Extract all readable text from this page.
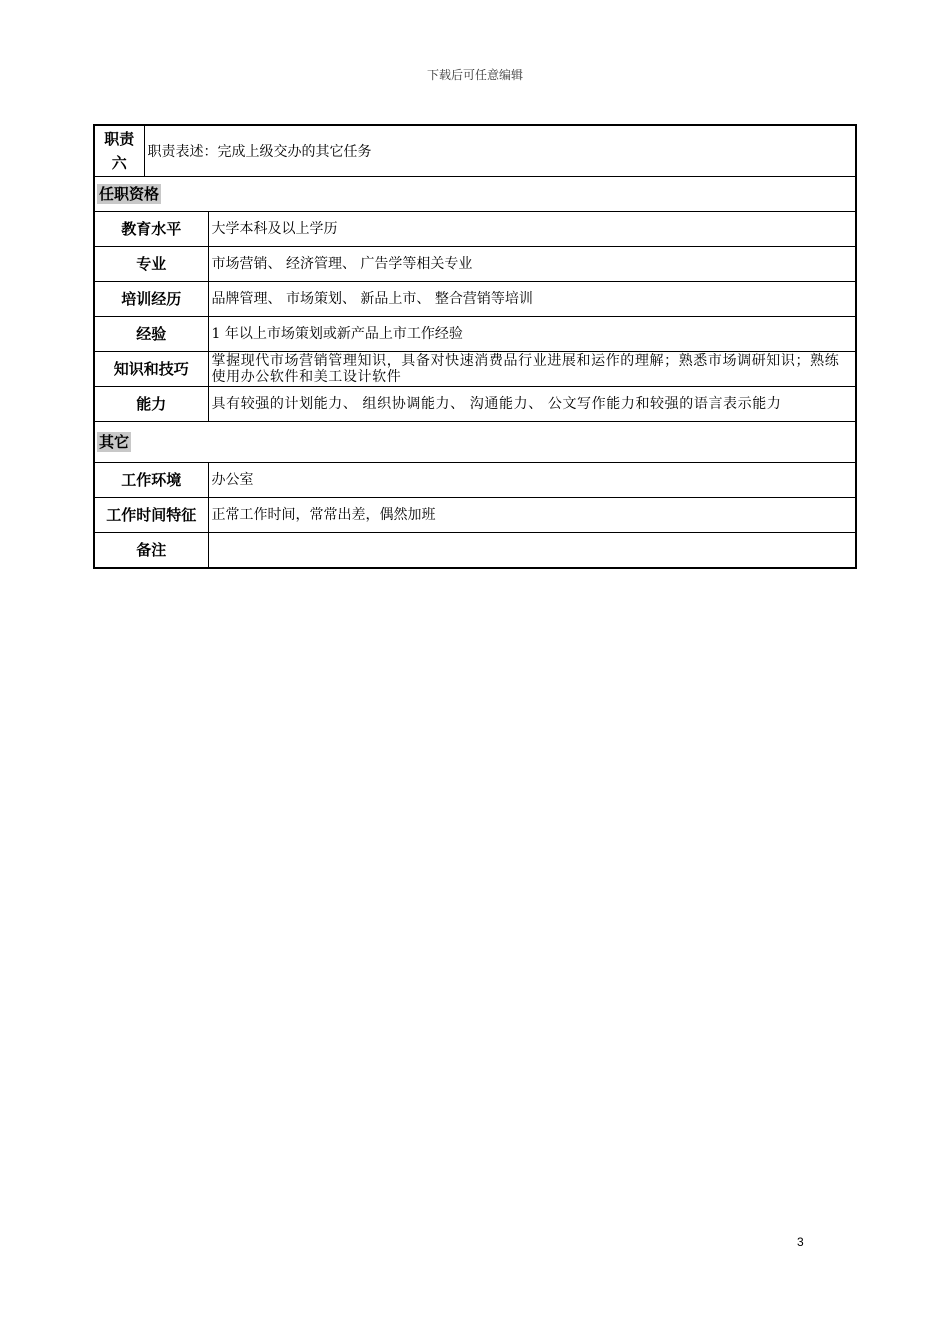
下载后可任意编辑
职责六	职责表述：完成上级交办的其它任务	
任职资格		
教育水平		大学本科及以上学历
专业		市场营销、 经济管理、 广告学等相关专业
培训经历		品牌管理、 市场策划、 新品上市、 整合营销等培训
经验		1 年以上市场策划或新产品上市工作经验
知识和技巧		掌握现代市场营销管理知识，具备对快速消费品行业进展和运作的理解；熟悉市场调研知识；熟练使用办公软件和美工设计软件
能力		具有较强的计划能力、 组织协调能力、 沟通能力、 公文写作能力和较强的语言表示能力
其它		
工作环境		办公室
工作时间特征		正常工作时间，常常出差，偶然加班
备注		
3
